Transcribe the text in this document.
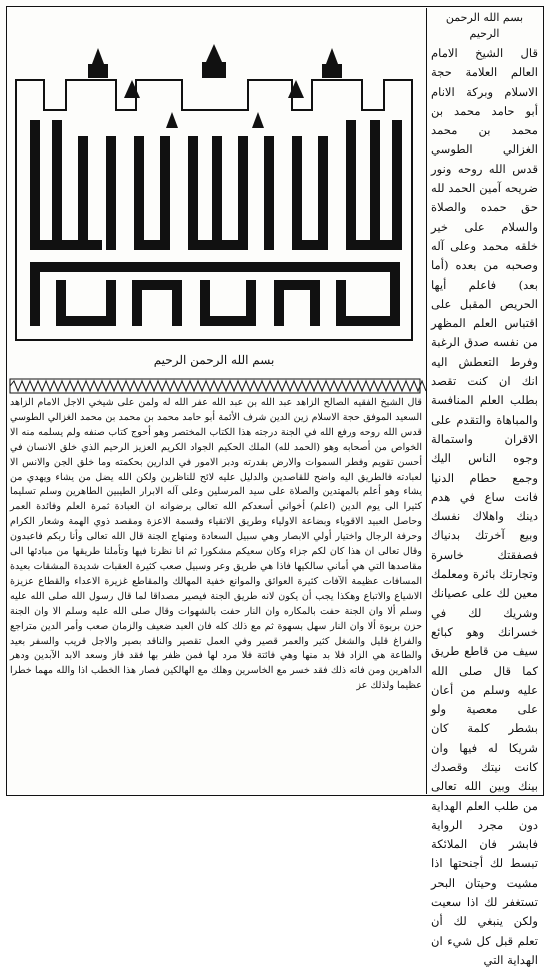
بسم الله الرحمن الرحيم
قال الشيخ الامام العالم العلامة حجة الاسلام وبركة الانام أبو حامد محمد بن محمد بن محمد الغزالي الطوسي قدس الله روحه ونور ضريحه آمين الحمد لله حق حمده والصلاة والسلام على خير خلقه محمد وعلى آله وصحبه من بعده (أما بعد) فاعلم أيها الحريص المقبل على اقتباس العلم المظهر من نفسه صدق الرغبة وفرط التعطش اليه انك ان كنت تقصد بطلب العلم المنافسة والمباهاة والتقدم على الاقران واستمالة وجوه الناس اليك وجمع حطام الدنيا فانت ساع في هدم دينك واهلاك نفسك وبيع آخرتك بدنياك فصفقتك خاسرة وتجارتك بائرة ومعلمك معين لك على عصيانك وشريك لك في خسرانك وهو كبائع سيف من قاطع طريق كما قال صلى الله عليه وسلم من أعان على معصية ولو بشطر كلمة كان شريكا له فيها وان كانت نيتك وقصدك بينك وبين الله تعالى من طلب العلم الهداية دون مجرد الرواية فابشر فان الملائكة تبسط لك أجنحتها اذا مشيت وحيتان البحر تستغفر لك اذا سعيت ولكن ينبغي لك أن تعلم قبل كل شيء ان الهداية التي
بسم الله الرحمن الرحيم
قال الشيخ الفقيه الصالح الزاهد عبد الله بن عبد الله عفر الله له ولمن على شيخي الاجل الامام الزاهد السعيد الموفق حجة الاسلام زين الدين شرف الأئمة أبو حامد محمد بن محمد بن محمد الغزالي الطوسي قدس الله روحه ورفع الله في الجنة درجته هذا الكتاب المختصر وهو أحوج كتاب صنفه ولم يسلمه منه الا الخواص من أصحابه وهو (الحمد لله) الملك الحكيم الجواد الكريم العزيز الرحيم الذي خلق الانسان في أحسن تقويم وفطر السموات والارض بقدرته ودبر الامور في الدارين بحكمته وما خلق الجن والانس الا لعبادته فالطريق اليه واضح للقاصدين والدليل عليه لائح للناظرين ولكن الله يضل من يشاء ويهدي من يشاء وهو أعلم بالمهتدين والصلاة على سيد المرسلين وعلى آله الابرار الطيبين الطاهرين وسلم تسليما كثيرا الى يوم الدين (اعلم) أخواني أسعدكم الله تعالى برضوانه ان العبادة ثمرة العلم وفائدة العمر وحاصل العبيد الاقوياء وبضاعة الاولياء وطريق الاتقياء وقسمة الاعزة ومقصد ذوي الهمة وشعار الكرام وحرفة الرجال واختيار أولي الابصار وهي سبيل السعادة ومنهاج الجنة قال الله تعالى وأنا ربكم فاعبدون وقال تعالى ان هذا كان لكم جزاء وكان سعيكم مشكورا ثم انا نظرنا فيها وتأملنا طريقها من مبادئها الى مقاصدها التي هي أماني سالكيها فاذا هي طريق وعر وسبيل صعب كثيرة العقبات شديدة المشقات بعيدة المسافات عظيمة الآفات كثيرة العوائق والموانع خفية المهالك والمقاطع غزيرة الاعداء والقطاع عزيزة الاشياع والاتباع وهكذا يجب أن يكون لانه طريق الجنة فيصير مصداقا لما قال رسول الله صلى الله عليه وسلم ألا وان الجنة حفت بالمكاره وان النار حفت بالشهوات وقال صلى الله عليه وسلم الا وان الجنة حزن بربوة ألا وان النار سهل بسهوة ثم مع ذلك كله فان العبد ضعيف والزمان صعب وأمر الدين متراجع والفراغ قليل والشغل كثير والعمر قصير وفي العمل تقصير والناقد بصير والاجل قريب والسفر بعيد والطاعة هي الزاد فلا بد منها وهي فائتة فلا مرد لها فمن ظفر بها فقد فاز وسعد الابد الآبدين ودهر الداهرين ومن فاته ذلك فقد خسر مع الخاسرين وهلك مع الهالكين فصار هذا الخطب اذا والله مهما خطرا عظيما ولذلك عز
